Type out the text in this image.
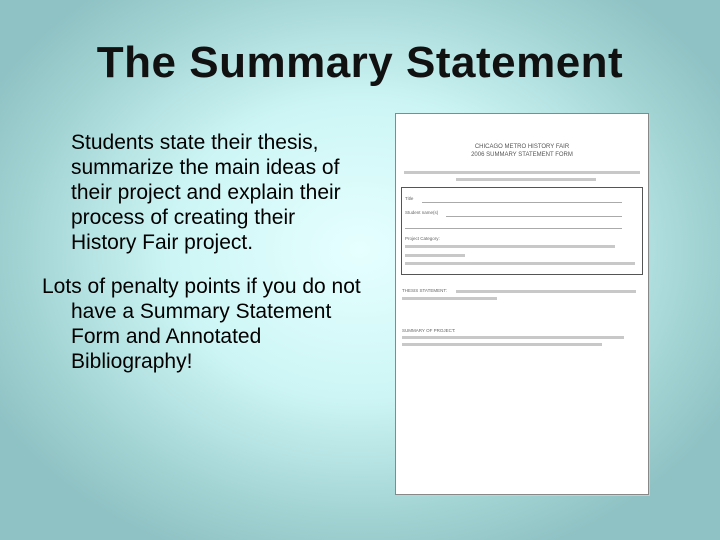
The Summary Statement

Students state their thesis, summarize the main ideas of their project and explain their process of creating their History Fair project.

Lots of penalty points if you do not have a Summary Statement Form and Annotated Bibliography!

CHICAGO METRO HISTORY FAIR
2006 SUMMARY STATEMENT FORM
Title
Student name(s)
Project Category:
THESIS STATEMENT:
SUMMARY OF PROJECT:
